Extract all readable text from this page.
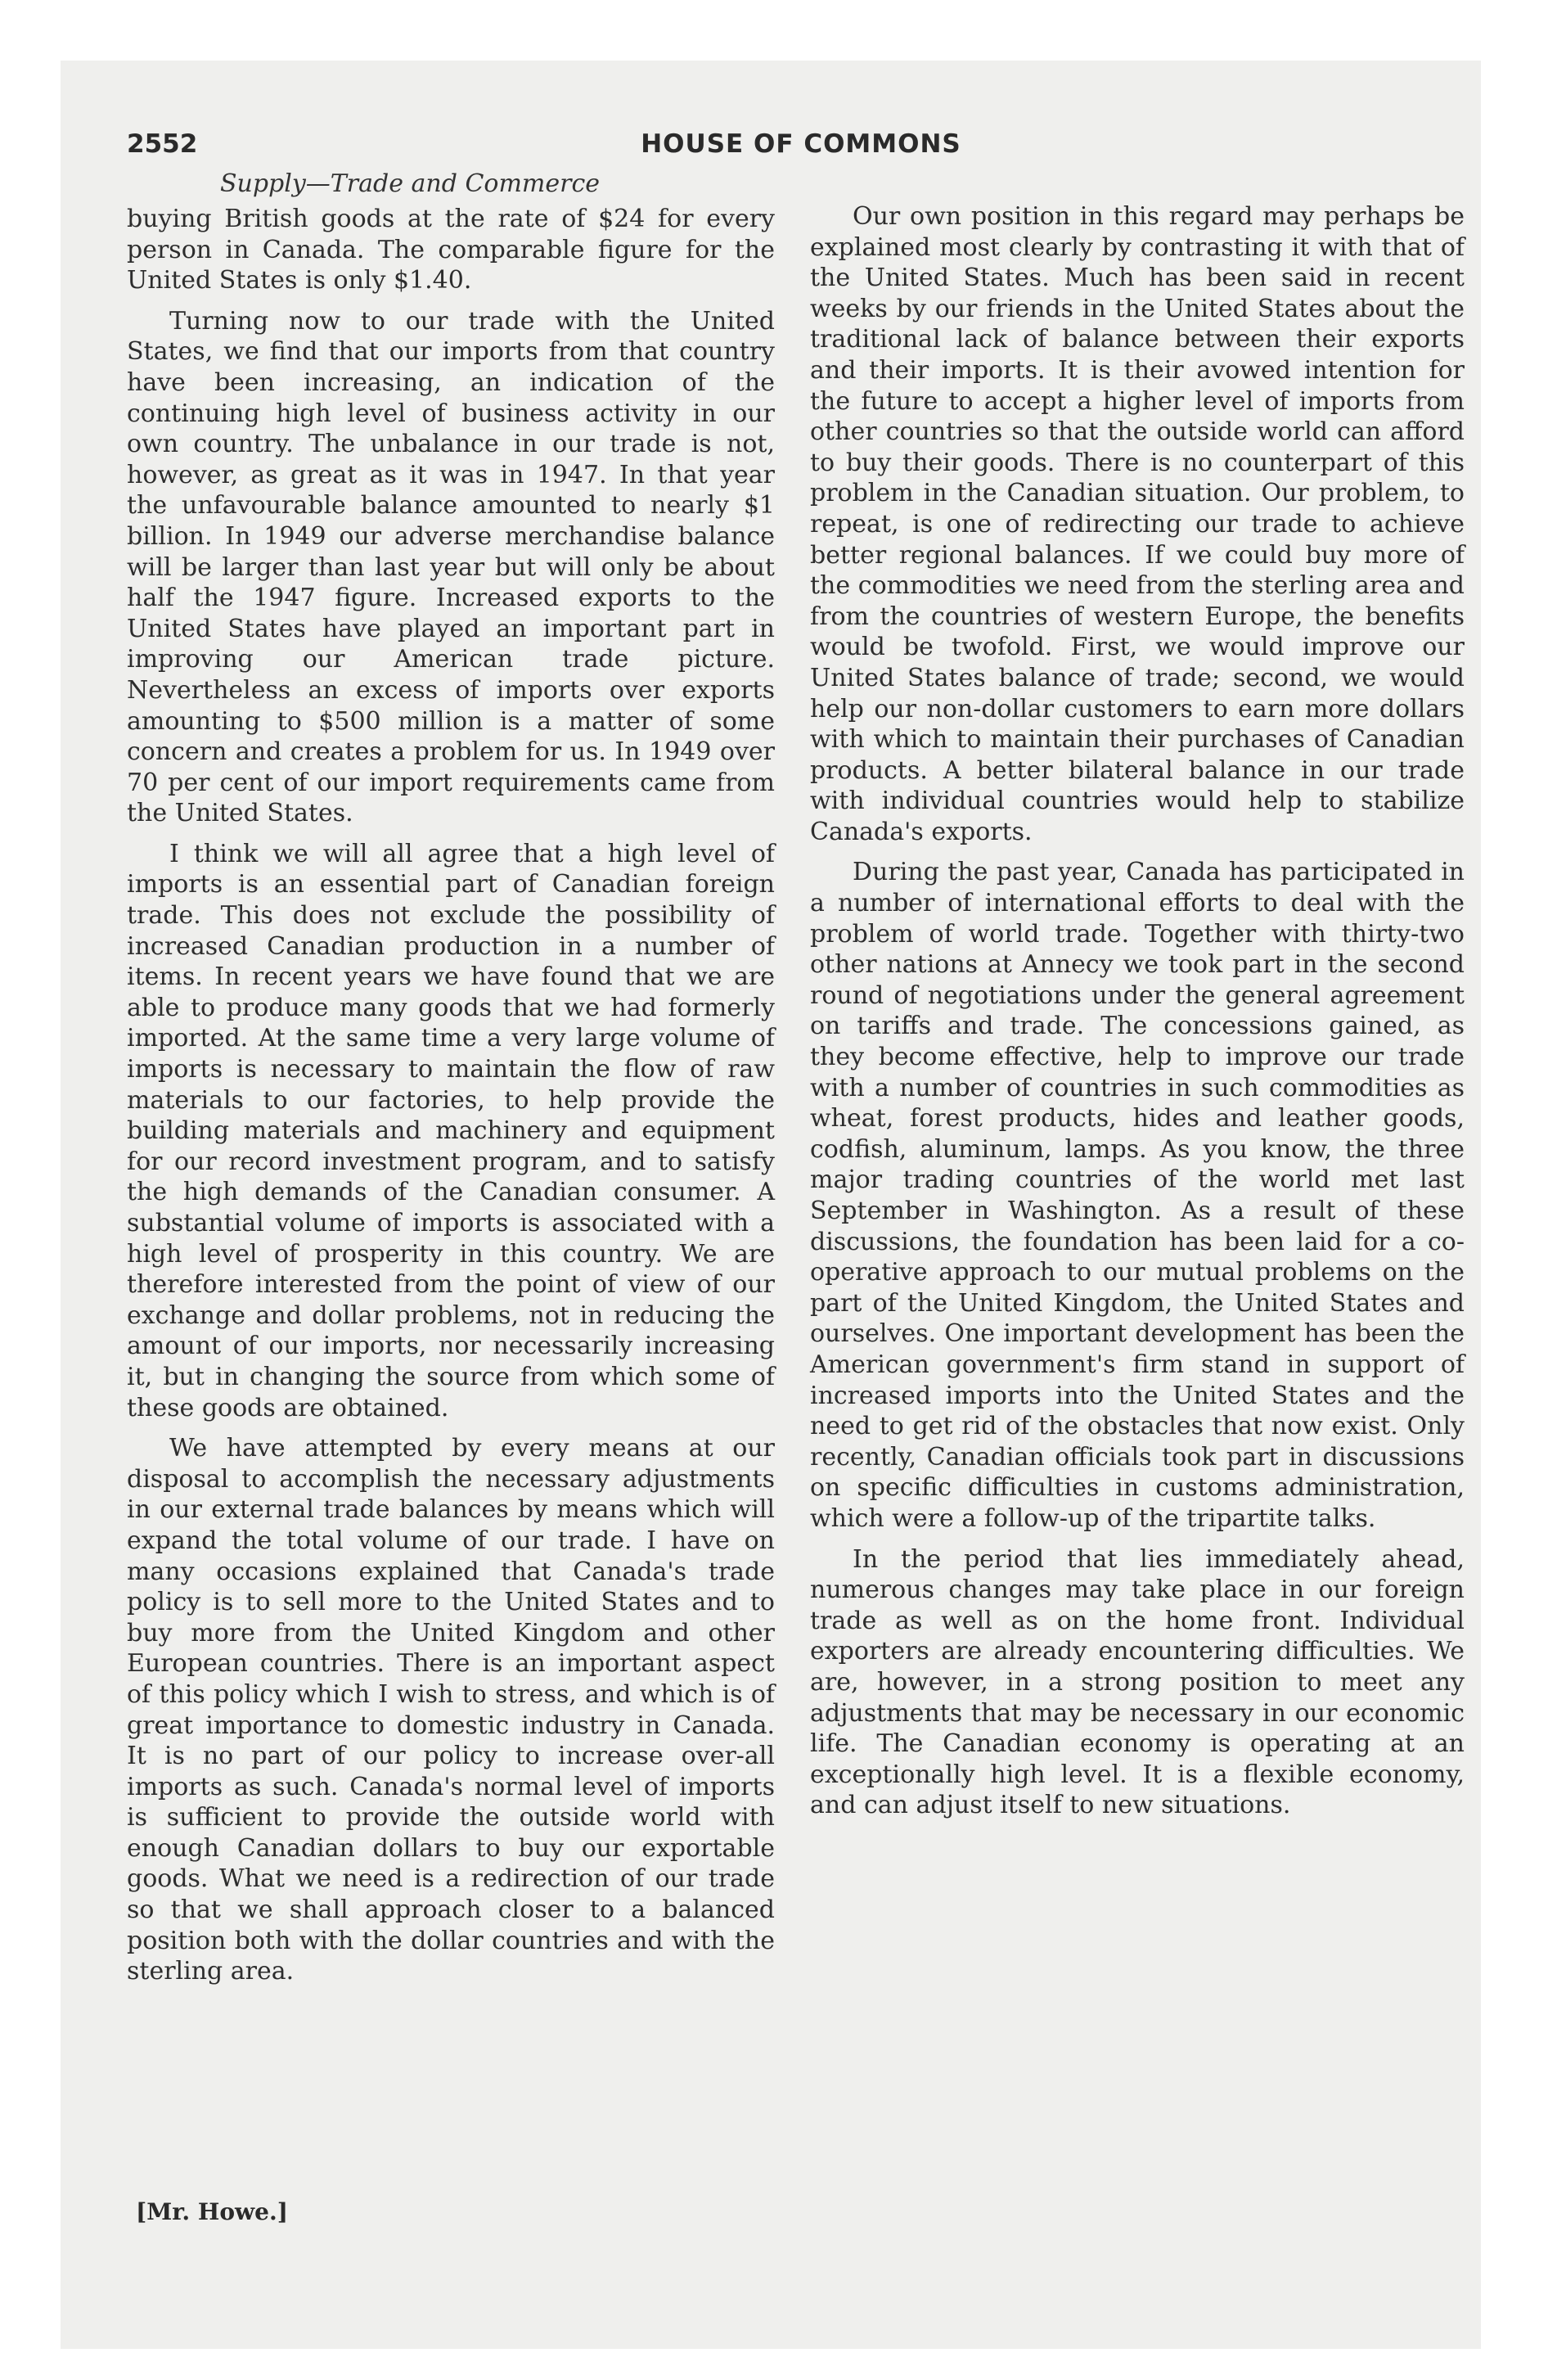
2552	HOUSE OF COMMONS
Supply—Trade and Commerce

buying British goods at the rate of $24 for every person in Canada. The comparable figure for the United States is only $1.40.

Turning now to our trade with the United States, we find that our imports from that country have been increasing, an indication of the continuing high level of business activity in our own country. The unbalance in our trade is not, however, as great as it was in 1947. In that year the unfavourable balance amounted to nearly $1 billion. In 1949 our adverse merchandise balance will be larger than last year but will only be about half the 1947 figure. Increased exports to the United States have played an important part in improving our American trade picture. Nevertheless an excess of imports over exports amounting to $500 million is a matter of some concern and creates a problem for us. In 1949 over 70 per cent of our import requirements came from the United States.

I think we will all agree that a high level of imports is an essential part of Canadian foreign trade. This does not exclude the possibility of increased Canadian production in a number of items. In recent years we have found that we are able to produce many goods that we had formerly imported. At the same time a very large volume of imports is necessary to maintain the flow of raw materials to our factories, to help provide the building materials and machinery and equipment for our record investment program, and to satisfy the high demands of the Canadian consumer. A substantial volume of imports is associated with a high level of prosperity in this country. We are therefore interested from the point of view of our exchange and dollar problems, not in reducing the amount of our imports, nor necessarily increasing it, but in changing the source from which some of these goods are obtained.

We have attempted by every means at our disposal to accomplish the necessary adjustments in our external trade balances by means which will expand the total volume of our trade. I have on many occasions explained that Canada's trade policy is to sell more to the United States and to buy more from the United Kingdom and other European countries. There is an important aspect of this policy which I wish to stress, and which is of great importance to domestic industry in Canada. It is no part of our policy to increase over-all imports as such. Canada's normal level of imports is sufficient to provide the outside world with enough Canadian dollars to buy our exportable goods. What we need is a redirection of our trade so that we shall approach closer to a balanced position both with the dollar countries and with the sterling area.

Our own position in this regard may perhaps be explained most clearly by contrasting it with that of the United States. Much has been said in recent weeks by our friends in the United States about the traditional lack of balance between their exports and their imports. It is their avowed intention for the future to accept a higher level of imports from other countries so that the outside world can afford to buy their goods. There is no counterpart of this problem in the Canadian situation. Our problem, to repeat, is one of redirecting our trade to achieve better regional balances. If we could buy more of the commodities we need from the sterling area and from the countries of western Europe, the benefits would be twofold. First, we would improve our United States balance of trade; second, we would help our non-dollar customers to earn more dollars with which to maintain their purchases of Canadian products. A better bilateral balance in our trade with individual countries would help to stabilize Canada's exports.

During the past year, Canada has participated in a number of international efforts to deal with the problem of world trade. Together with thirty-two other nations at Annecy we took part in the second round of negotiations under the general agreement on tariffs and trade. The concessions gained, as they become effective, help to improve our trade with a number of countries in such commodities as wheat, forest products, hides and leather goods, codfish, aluminum, lamps. As you know, the three major trading countries of the world met last September in Washington. As a result of these discussions, the foundation has been laid for a co-operative approach to our mutual problems on the part of the United Kingdom, the United States and ourselves. One important development has been the American government's firm stand in support of increased imports into the United States and the need to get rid of the obstacles that now exist. Only recently, Canadian officials took part in discussions on specific difficulties in customs administration, which were a follow-up of the tripartite talks.

In the period that lies immediately ahead, numerous changes may take place in our foreign trade as well as on the home front. Individual exporters are already encountering difficulties. We are, however, in a strong position to meet any adjustments that may be necessary in our economic life. The Canadian economy is operating at an exceptionally high level. It is a flexible economy, and can adjust itself to new situations.

[Mr. Howe.]
